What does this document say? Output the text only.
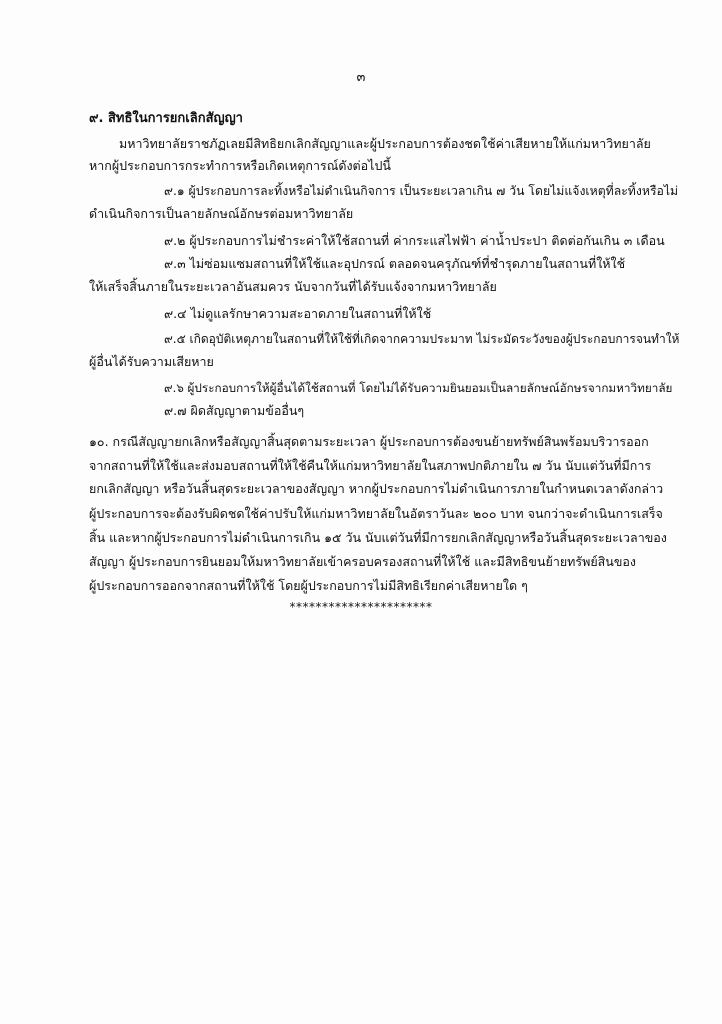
๓
๙. สิทธิในการยกเลิกสัญญา
มหาวิทยาลัยราชภัฏเลยมีสิทธิยกเลิกสัญญาและผู้ประกอบการต้องชดใช้ค่าเสียหายให้แก่มหาวิทยาลัย
หากผู้ประกอบการกระทำการหรือเกิดเหตุการณ์ดังต่อไปนี้
๙.๑ ผู้ประกอบการละทิ้งหรือไม่ดำเนินกิจการ เป็นระยะเวลาเกิน ๗ วัน โดยไม่แจ้งเหตุที่ละทิ้งหรือไม่
ดำเนินกิจการเป็นลายลักษณ์อักษรต่อมหาวิทยาลัย
๙.๒ ผู้ประกอบการไม่ชำระค่าให้ใช้สถานที่ ค่ากระแสไฟฟ้า ค่าน้ำประปา ติดต่อกันเกิน ๓ เดือน
๙.๓ ไม่ซ่อมแซมสถานที่ให้ใช้และอุปกรณ์ ตลอดจนครุภัณฑ์ที่ชำรุดภายในสถานที่ให้ใช้
ให้เสร็จสิ้นภายในระยะเวลาอันสมควร นับจากวันที่ได้รับแจ้งจากมหาวิทยาลัย
๙.๔ ไม่ดูแลรักษาความสะอาดภายในสถานที่ให้ใช้
๙.๕ เกิดอุบัติเหตุภายในสถานที่ให้ใช้ที่เกิดจากความประมาท ไม่ระมัดระวังของผู้ประกอบการจนทำให้
ผู้อื่นได้รับความเสียหาย
๙.๖ ผู้ประกอบการให้ผู้อื่นได้ใช้สถานที่ โดยไม่ได้รับความยินยอมเป็นลายลักษณ์อักษรจากมหาวิทยาลัย
๙.๗ ผิดสัญญาตามข้ออื่นๆ
๑๐. กรณีสัญญายกเลิกหรือสัญญาสิ้นสุดตามระยะเวลา ผู้ประกอบการต้องขนย้ายทรัพย์สินพร้อมบริวารออก
จากสถานที่ให้ใช้และส่งมอบสถานที่ให้ใช้คืนให้แก่มหาวิทยาลัยในสภาพปกติภายใน ๗ วัน นับแต่วันที่มีการ
ยกเลิกสัญญา หรือวันสิ้นสุดระยะเวลาของสัญญา หากผู้ประกอบการไม่ดำเนินการภายในกำหนดเวลาดังกล่าว
ผู้ประกอบการจะต้องรับผิดชดใช้ค่าปรับให้แก่มหาวิทยาลัยในอัตราวันละ ๒๐๐ บาท จนกว่าจะดำเนินการเสร็จ
สิ้น และหากผู้ประกอบการไม่ดำเนินการเกิน ๑๕ วัน นับแต่วันที่มีการยกเลิกสัญญาหรือวันสิ้นสุดระยะเวลาของ
สัญญา ผู้ประกอบการยินยอมให้มหาวิทยาลัยเข้าครอบครองสถานที่ให้ใช้ และมีสิทธิขนย้ายทรัพย์สินของ
ผู้ประกอบการออกจากสถานที่ให้ใช้ โดยผู้ประกอบการไม่มีสิทธิเรียกค่าเสียหายใด ๆ
**********************
